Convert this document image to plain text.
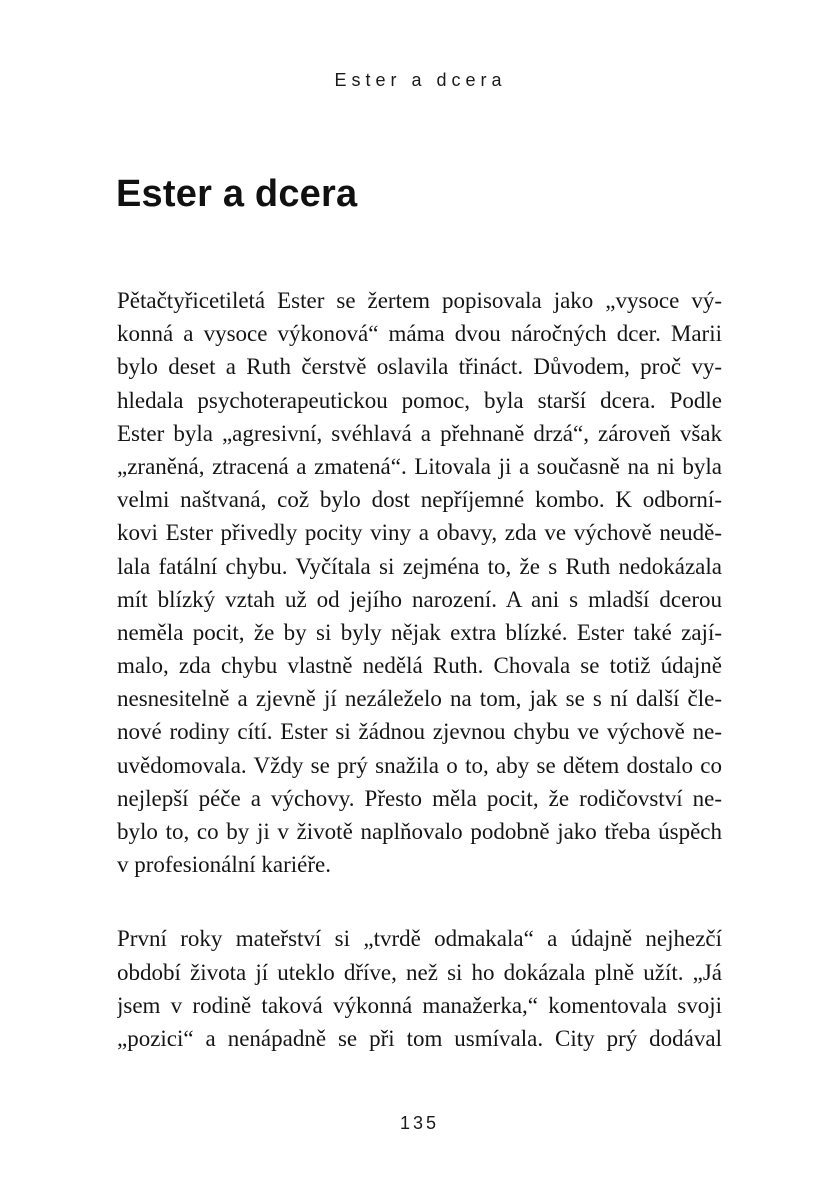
Ester a dcera
Ester a dcera

Pětačtyřicetiletá Ester se žertem popisovala jako „vysoce vý-
konná a vysoce výkonová“ máma dvou náročných dcer. Marii
bylo deset a Ruth čerstvě oslavila třináct. Důvodem, proč vy-
hledala psychoterapeutickou pomoc, byla starší dcera. Podle
Ester byla „agresivní, svéhlavá a přehnaně drzá“, zároveň však
„zraněná, ztracená a zmatená“. Litovala ji a současně na ni byla
velmi naštvaná, což bylo dost nepříjemné kombo. K odborní-
kovi Ester přivedly pocity viny a obavy, zda ve výchově neudě-
lala fatální chybu. Vyčítala si zejména to, že s Ruth nedokázala
mít blízký vztah už od jejího narození. A ani s mladší dcerou
neměla pocit, že by si byly nějak extra blízké. Ester také zají-
malo, zda chybu vlastně nedělá Ruth. Chovala se totiž údajně
nesnesitelně a zjevně jí nezáleželo na tom, jak se s ní další čle-
nové rodiny cítí. Ester si žádnou zjevnou chybu ve výchově ne-
uvědomovala. Vždy se prý snažila o to, aby se dětem dostalo co
nejlepší péče a výchovy. Přesto měla pocit, že rodičovství ne-
bylo to, co by ji v životě naplňovalo podobně jako třeba úspěch
v profesionální kariéře.

První roky mateřství si „tvrdě odmakala“ a údajně nejhezčí
období života jí uteklo dříve, než si ho dokázala plně užít. „Já
jsem v rodině taková výkonná manažerka,“ komentovala svoji
„pozici“ a nenápadně se při tom usmívala. City prý dodával

135
